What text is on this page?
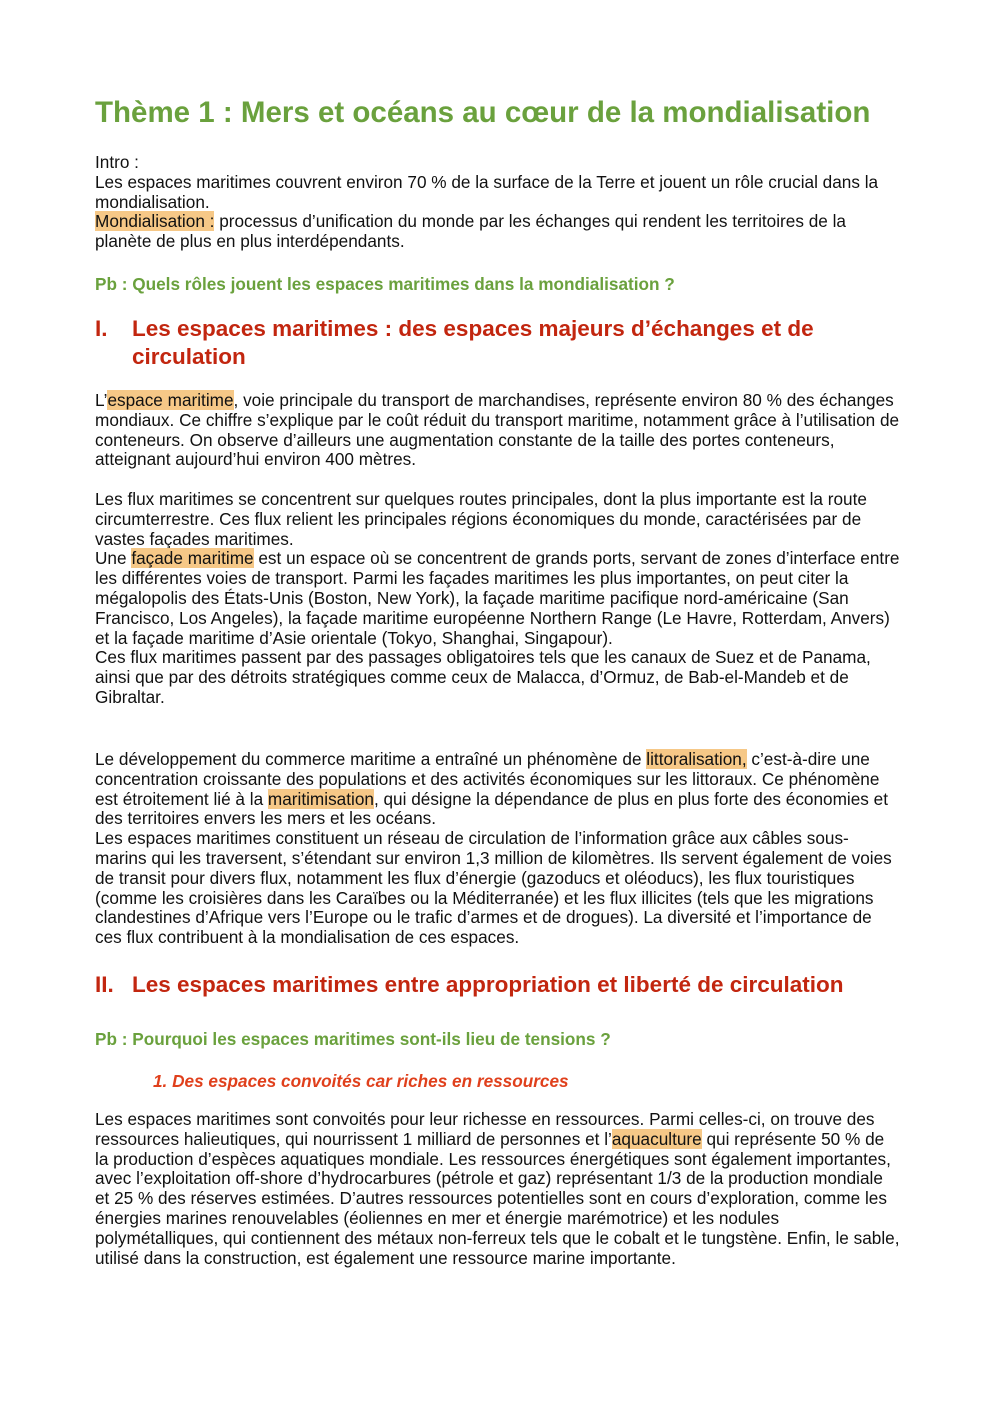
Thème 1 : Mers et océans au cœur de la mondialisation

Intro :

Les espaces maritimes couvrent environ 70 % de la surface de la Terre et jouent un rôle crucial dans la mondialisation.

Mondialisation : processus d’unification du monde par les échanges qui rendent les territoires de la planète de plus en plus interdépendants.

Pb : Quels rôles jouent les espaces maritimes dans la mondialisation ?

I. Les espaces maritimes : des espaces majeurs d’échanges et de circulation

L’espace maritime, voie principale du transport de marchandises, représente environ 80 % des échanges mondiaux. Ce chiffre s’explique par le coût réduit du transport maritime, notamment grâce à l’utilisation de conteneurs. On observe d’ailleurs une augmentation constante de la taille des portes conteneurs, atteignant aujourd’hui environ 400 mètres.

Les flux maritimes se concentrent sur quelques routes principales, dont la plus importante est la route circumterrestre. Ces flux relient les principales régions économiques du monde, caractérisées par de vastes façades maritimes.

Une façade maritime est un espace où se concentrent de grands ports, servant de zones d’interface entre les différentes voies de transport. Parmi les façades maritimes les plus importantes, on peut citer la mégalopolis des États-Unis (Boston, New York), la façade maritime pacifique nord-américaine (San Francisco, Los Angeles), la façade maritime européenne Northern Range (Le Havre, Rotterdam, Anvers) et la façade maritime d’Asie orientale (Tokyo, Shanghai, Singapour).

Ces flux maritimes passent par des passages obligatoires tels que les canaux de Suez et de Panama, ainsi que par des détroits stratégiques comme ceux de Malacca, d’Ormuz, de Bab-el-Mandeb et de Gibraltar.

Le développement du commerce maritime a entraîné un phénomène de littoralisation, c’est-à-dire une concentration croissante des populations et des activités économiques sur les littoraux. Ce phénomène est étroitement lié à la maritimisation, qui désigne la dépendance de plus en plus forte des économies et des territoires envers les mers et les océans.

Les espaces maritimes constituent un réseau de circulation de l’information grâce aux câbles sous-marins qui les traversent, s’étendant sur environ 1,3 million de kilomètres. Ils servent également de voies de transit pour divers flux, notamment les flux d’énergie (gazoducs et oléoducs), les flux touristiques (comme les croisières dans les Caraïbes ou la Méditerranée) et les flux illicites (tels que les migrations clandestines d’Afrique vers l’Europe ou le trafic d’armes et de drogues). La diversité et l’importance de ces flux contribuent à la mondialisation de ces espaces.

II. Les espaces maritimes entre appropriation et liberté de circulation

Pb : Pourquoi les espaces maritimes sont-ils lieu de tensions ?

1. Des espaces convoités car riches en ressources

Les espaces maritimes sont convoités pour leur richesse en ressources. Parmi celles-ci, on trouve des ressources halieutiques, qui nourrissent 1 milliard de personnes et l’aquaculture qui représente 50 % de la production d’espèces aquatiques mondiale. Les ressources énergétiques sont également importantes, avec l’exploitation off-shore d’hydrocarbures (pétrole et gaz) représentant 1/3 de la production mondiale et 25 % des réserves estimées. D’autres ressources potentielles sont en cours d’exploration, comme les énergies marines renouvelables (éoliennes en mer et énergie marémotrice) et les nodules polymétalliques, qui contiennent des métaux non-ferreux tels que le cobalt et le tungstène. Enfin, le sable, utilisé dans la construction, est également une ressource marine importante.
